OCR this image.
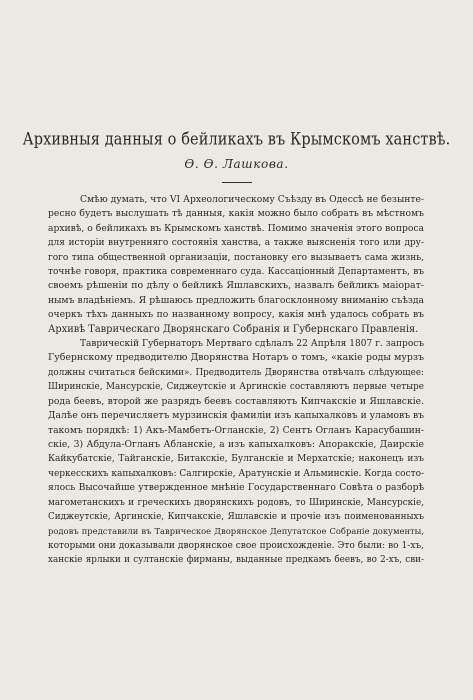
Архивныя данныя о бейликахъ въ Крымскомъ ханствѣ.
Ѳ. Ѳ. Лашкова.
Смѣю думать, что VI Археологическому Съѣзду въ Одессѣ не безынте-
ресно будетъ выслушать тѣ данныя, какія можно было собрать въ мѣстномъ
архивѣ, о бейликахъ въ Крымскомъ ханствѣ. Помимо значенія этого вопроса
для исторіи внутренняго состоянія ханства, а также выясненія того или дру-
гого типа общественной организаціи, постановку его вызываетъ сама жизнь,
точнѣе говоря, практика современнаго суда. Кассаціонный Департаментъ, въ
своемъ рѣшеніи по дѣлу о бейликѣ Яшлавскихъ, назвалъ бейликъ маіорат-
нымъ владѣніемъ. Я рѣшаюсь предложить благосклонному вниманію съѣзда
очеркъ тѣхъ данныхъ по названному вопросу, какія мнѣ удалось собрать въ
Архивѣ Таврическаго Дворянскаго Собранія и Губернскаго Правленія.
Таврическій Губернаторъ Мертваго сдѣлалъ 22 Апрѣля 1807 г. запросъ
Губернскому предводителю Дворянства Нотаръ о томъ, «какіе роды мурзъ
должны считаться бейскими». Предводитель Дворянства отвѣчалъ слѣдующее:
Ширинскіе, Мансурскіе, Сиджеутскіе и Аргинскіе составляютъ первые четыре
рода беевъ, второй же разрядъ беевъ составляютъ Кипчакскіе и Яшлавскіе.
Далѣе онъ перечисляетъ мурзинскія фамиліи изъ капыхалковъ и уламовъ въ
такомъ порядкѣ: 1) Акъ-Мамбетъ-Огланскіе, 2) Сентъ Огланъ Карасубашин-
скіе, 3) Абдула-Огланъ Абланскіе, а изъ капыхалковъ: Апоракскіе, Даирскіе
Кайкубатскіе, Тайганскіе, Битакскіе, Булганскіе и Мерхатскіе; наконецъ изъ
черкесскихъ капыхалковъ: Салгирскіе, Аратунскіе и Альминскіе. Когда состо-
ялось Высочайше утвержденное мнѣніе Государственнаго Совѣта о разборѣ
магометанскихъ и греческихъ дворянскихъ родовъ, то Ширинскіе, Мансурскіе,
Сиджеутскіе, Аргинскіе, Кипчакскіе, Яшлавскіе и прочіе изъ поименованныхъ
родовъ представили въ Таврическое Дворянское Депутатское Собраніе документы,
которыми они доказывали дворянское свое происхожденіе. Это были: во 1-хъ,
ханскіе ярлыки и султанскіе фирманы, выданные предкамъ беевъ, во 2-хъ, сви-
